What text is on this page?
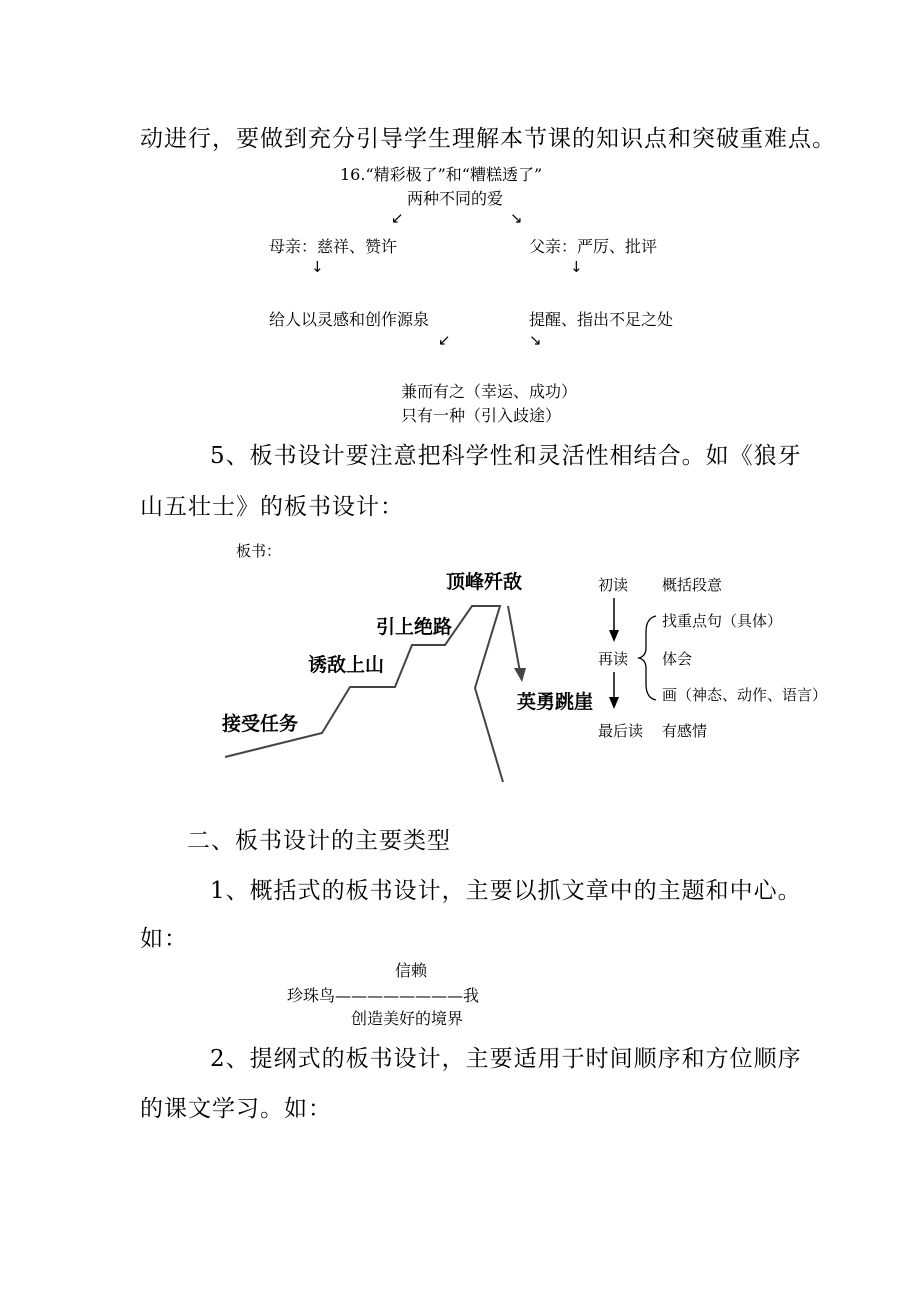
动进行，要做到充分引导学生理解本节课的知识点和突破重难点。
16.“精彩极了”和“糟糕透了”
两种不同的爱
↙	↘
母亲：慈祥、赞许	父亲：严厉、批评
↓	↓
给人以灵感和创作源泉	提醒、指出不足之处
↙	↘
兼而有之（幸运、成功）
只有一种（引入歧途）
5、板书设计要注意把科学性和灵活性相结合。如《狼牙
山五壮士》的板书设计：
板书：
接受任务
诱敌上山
引上绝路
顶峰歼敌
英勇跳崖
初读 概括段意
再读
找重点句（具体）
体会
画（神态、动作、语言）
最后读 有感情
二、板书设计的主要类型
1、概括式的板书设计，主要以抓文章中的主题和中心。
如：
信赖
珍珠鸟————————我
创造美好的境界
2、提纲式的板书设计，主要适用于时间顺序和方位顺序
的课文学习。如：
